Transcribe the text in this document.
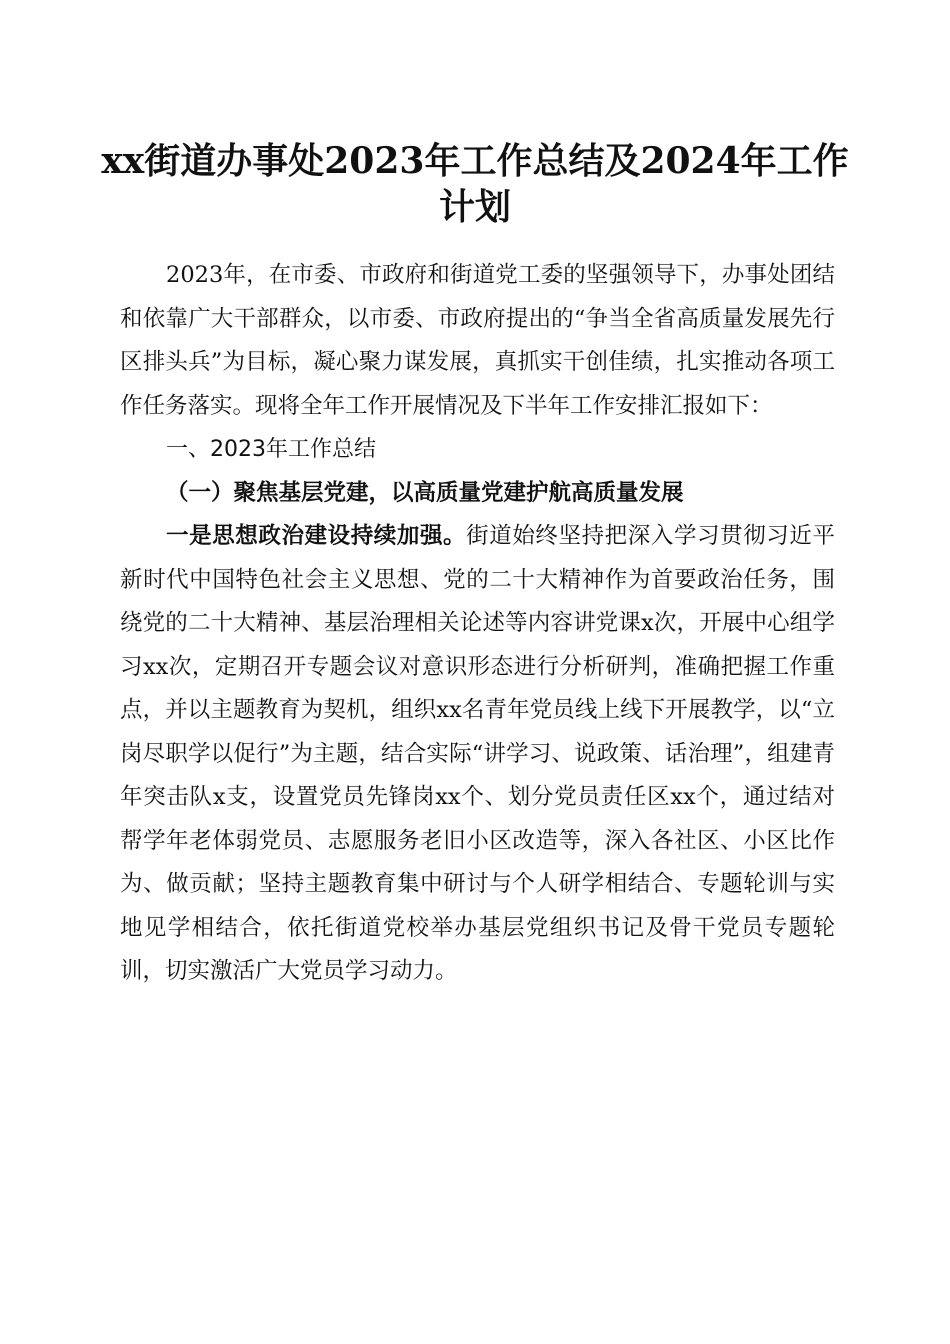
xx街道办事处2023年工作总结及2024年工作
计划

2023年，在市委、市政府和街道党工委的坚强领导下，办事处团结和依靠广大干部群众，以市委、市政府提出的“争当全省高质量发展先行区排头兵”为目标，凝心聚力谋发展，真抓实干创佳绩，扎实推动各项工作任务落实。现将全年工作开展情况及下半年工作安排汇报如下：

一、2023年工作总结

（一）聚焦基层党建，以高质量党建护航高质量发展

一是思想政治建设持续加强。街道始终坚持把深入学习贯彻习近平新时代中国特色社会主义思想、党的二十大精神作为首要政治任务，围绕党的二十大精神、基层治理相关论述等内容讲党课x次，开展中心组学习xx次，定期召开专题会议对意识形态进行分析研判，准确把握工作重点，并以主题教育为契机，组织xx名青年党员线上线下开展教学，以“立岗尽职学以促行”为主题，结合实际“讲学习、说政策、话治理”，组建青年突击队x支，设置党员先锋岗xx个、划分党员责任区xx个，通过结对帮学年老体弱党员、志愿服务老旧小区改造等，深入各社区、小区比作为、做贡献；坚持主题教育集中研讨与个人研学相结合、专题轮训与实地见学相结合，依托街道党校举办基层党组织书记及骨干党员专题轮训，切实激活广大党员学习动力。
